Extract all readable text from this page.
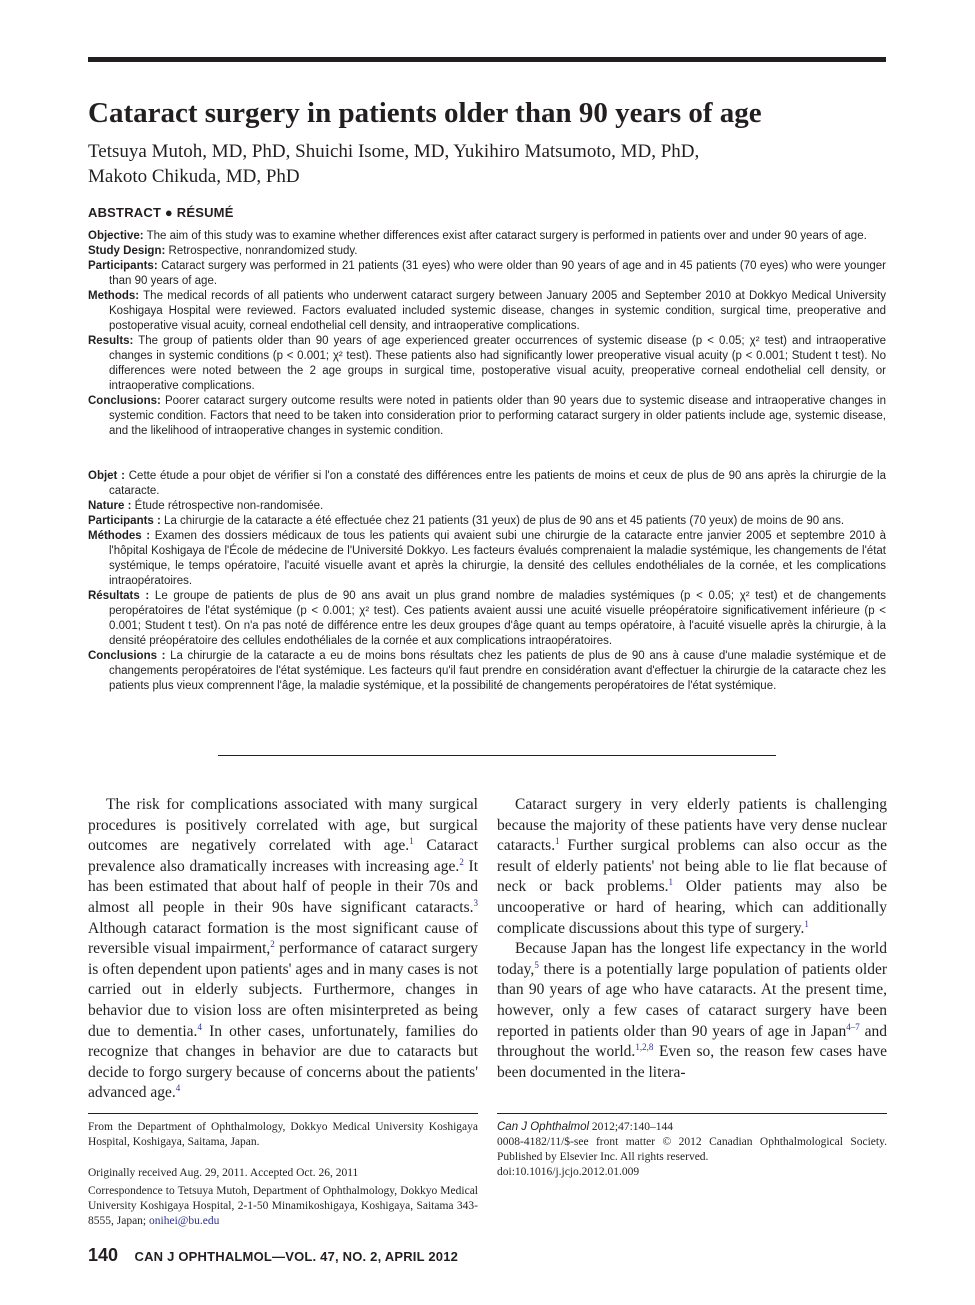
Cataract surgery in patients older than 90 years of age
Tetsuya Mutoh, MD, PhD, Shuichi Isome, MD, Yukihiro Matsumoto, MD, PhD,
Makoto Chikuda, MD, PhD
ABSTRACT ● RÉSUMÉ

Objective: The aim of this study was to examine whether differences exist after cataract surgery is performed in patients over and under 90 years of age.

Study Design: Retrospective, nonrandomized study.

Participants: Cataract surgery was performed in 21 patients (31 eyes) who were older than 90 years of age and in 45 patients (70 eyes) who were younger than 90 years of age.

Methods: The medical records of all patients who underwent cataract surgery between January 2005 and September 2010 at Dokkyo Medical University Koshigaya Hospital were reviewed. Factors evaluated included systemic disease, changes in systemic condition, surgical time, preoperative and postoperative visual acuity, corneal endothelial cell density, and intraoperative complications.

Results: The group of patients older than 90 years of age experienced greater occurrences of systemic disease (p < 0.05; χ² test) and intraoperative changes in systemic conditions (p < 0.001; χ² test). These patients also had significantly lower preoperative visual acuity (p < 0.001; Student t test). No differences were noted between the 2 age groups in surgical time, postoperative visual acuity, preoperative corneal endothelial cell density, or intraoperative complications.

Conclusions: Poorer cataract surgery outcome results were noted in patients older than 90 years due to systemic disease and intraoperative changes in systemic condition. Factors that need to be taken into consideration prior to performing cataract surgery in older patients include age, systemic disease, and the likelihood of intraoperative changes in systemic condition.

Objet : Cette étude a pour objet de vérifier si l'on a constaté des différences entre les patients de moins et ceux de plus de 90 ans après la chirurgie de la cataracte.

Nature : Étude rétrospective non-randomisée.

Participants : La chirurgie de la cataracte a été effectuée chez 21 patients (31 yeux) de plus de 90 ans et 45 patients (70 yeux) de moins de 90 ans.

Méthodes : Examen des dossiers médicaux de tous les patients qui avaient subi une chirurgie de la cataracte entre janvier 2005 et septembre 2010 à l'hôpital Koshigaya de l'École de médecine de l'Université Dokkyo. Les facteurs évalués comprenaient la maladie systémique, les changements de l'état systémique, le temps opératoire, l'acuité visuelle avant et après la chirurgie, la densité des cellules endothéliales de la cornée, et les complications intraopératoires.

Résultats : Le groupe de patients de plus de 90 ans avait un plus grand nombre de maladies systémiques (p < 0.05; χ² test) et de changements peropératoires de l'état systémique (p < 0.001; χ² test). Ces patients avaient aussi une acuité visuelle préopératoire significativement inférieure (p < 0.001; Student t test). On n'a pas noté de différence entre les deux groupes d'âge quant au temps opératoire, à l'acuité visuelle après la chirurgie, à la densité préopératoire des cellules endothéliales de la cornée et aux complications intraopératoires.

Conclusions : La chirurgie de la cataracte a eu de moins bons résultats chez les patients de plus de 90 ans à cause d'une maladie systémique et de changements peropératoires de l'état systémique. Les facteurs qu'il faut prendre en considération avant d'effectuer la chirurgie de la cataracte chez les patients plus vieux comprennent l'âge, la maladie systémique, et la possibilité de changements peropératoires de l'état systémique.

The risk for complications associated with many surgical procedures is positively correlated with age, but surgical outcomes are negatively correlated with age.$^1$ Cataract prevalence also dramatically increases with increasing age.$^2$ It has been estimated that about half of people in their 70s and almost all people in their 90s have significant cataracts.$^3$ Although cataract formation is the most significant cause of reversible visual impairment,$^2$ performance of cataract surgery is often dependent upon patients' ages and in many cases is not carried out in elderly subjects. Furthermore, changes in behavior due to vision loss are often misinterpreted as being due to dementia.$^4$ In other cases, unfortunately, families do recognize that changes in behavior are due to cataracts but decide to forgo surgery because of concerns about the patients' advanced age.$^4$

Cataract surgery in very elderly patients is challenging because the majority of these patients have very dense nuclear cataracts.$^1$ Further surgical problems can also occur as the result of elderly patients' not being able to lie flat because of neck or back problems.$^1$ Older patients may also be uncooperative or hard of hearing, which can additionally complicate discussions about this type of surgery.$^1$

Because Japan has the longest life expectancy in the world today,$^5$ there is a potentially large population of patients older than 90 years of age who have cataracts. At the present time, however, only a few cases of cataract surgery have been reported in patients older than 90 years of age in Japan$^{4-7}$ and throughout the world.$^{1,2,8}$ Even so, the reason few cases have been documented in the litera-

From the Department of Ophthalmology, Dokkyo Medical University Koshigaya Hospital, Koshigaya, Saitama, Japan.
Originally received Aug. 29, 2011. Accepted Oct. 26, 2011
Correspondence to Tetsuya Mutoh, Department of Ophthalmology, Dokkyo Medical University Koshigaya Hospital, 2-1-50 Minamikoshigaya, Koshigaya, Saitama 343-8555, Japan; onihei@bu.edu
Can J Ophthalmol 2012;47:140–144
0008-4182/11/$-see front matter © 2012 Canadian Ophthalmological Society. Published by Elsevier Inc. All rights reserved.
doi:10.1016/j.jcjo.2012.01.009
140 CAN J OPHTHALMOL—VOL. 47, NO. 2, APRIL 2012
